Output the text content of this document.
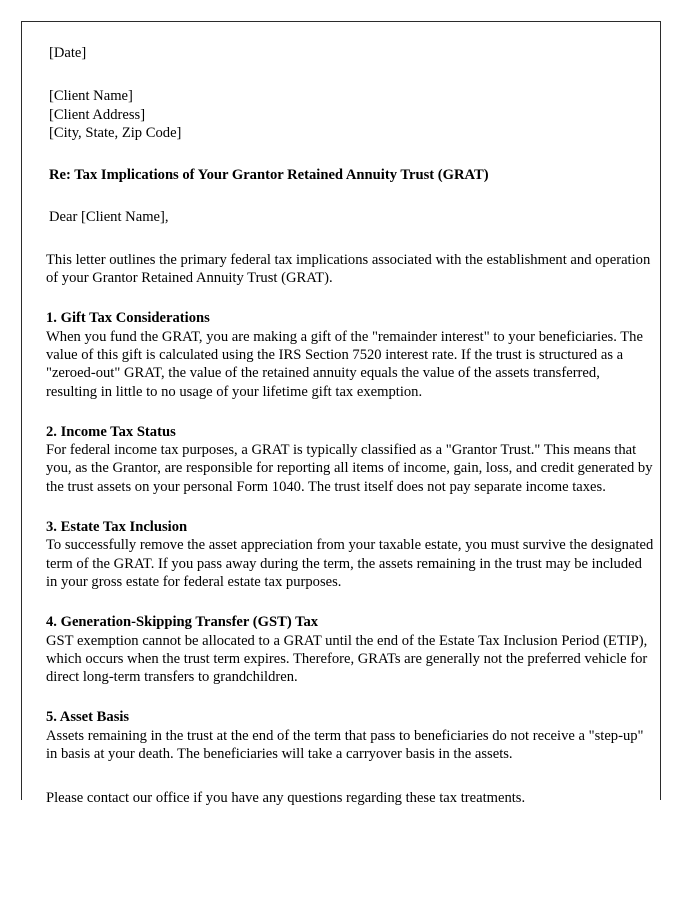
[Date]

[Client Name]

[Client Address]

[City, State, Zip Code]

Re: Tax Implications of Your Grantor Retained Annuity Trust (GRAT)

Dear [Client Name],

This letter outlines the primary federal tax implications associated with the establishment and operation of your Grantor Retained Annuity Trust (GRAT).

1. Gift Tax Considerations

When you fund the GRAT, you are making a gift of the "remainder interest" to your beneficiaries. The value of this gift is calculated using the IRS Section 7520 interest rate. If the trust is structured as a "zeroed-out" GRAT, the value of the retained annuity equals the value of the assets transferred, resulting in little to no usage of your lifetime gift tax exemption.

2. Income Tax Status

For federal income tax purposes, a GRAT is typically classified as a "Grantor Trust." This means that you, as the Grantor, are responsible for reporting all items of income, gain, loss, and credit generated by the trust assets on your personal Form 1040. The trust itself does not pay separate income taxes.

3. Estate Tax Inclusion

To successfully remove the asset appreciation from your taxable estate, you must survive the designated term of the GRAT. If you pass away during the term, the assets remaining in the trust may be included in your gross estate for federal estate tax purposes.

4. Generation-Skipping Transfer (GST) Tax

GST exemption cannot be allocated to a GRAT until the end of the Estate Tax Inclusion Period (ETIP), which occurs when the trust term expires. Therefore, GRATs are generally not the preferred vehicle for direct long-term transfers to grandchildren.

5. Asset Basis

Assets remaining in the trust at the end of the term that pass to beneficiaries do not receive a "step-up" in basis at your death. The beneficiaries will take a carryover basis in the assets.

Please contact our office if you have any questions regarding these tax treatments.
